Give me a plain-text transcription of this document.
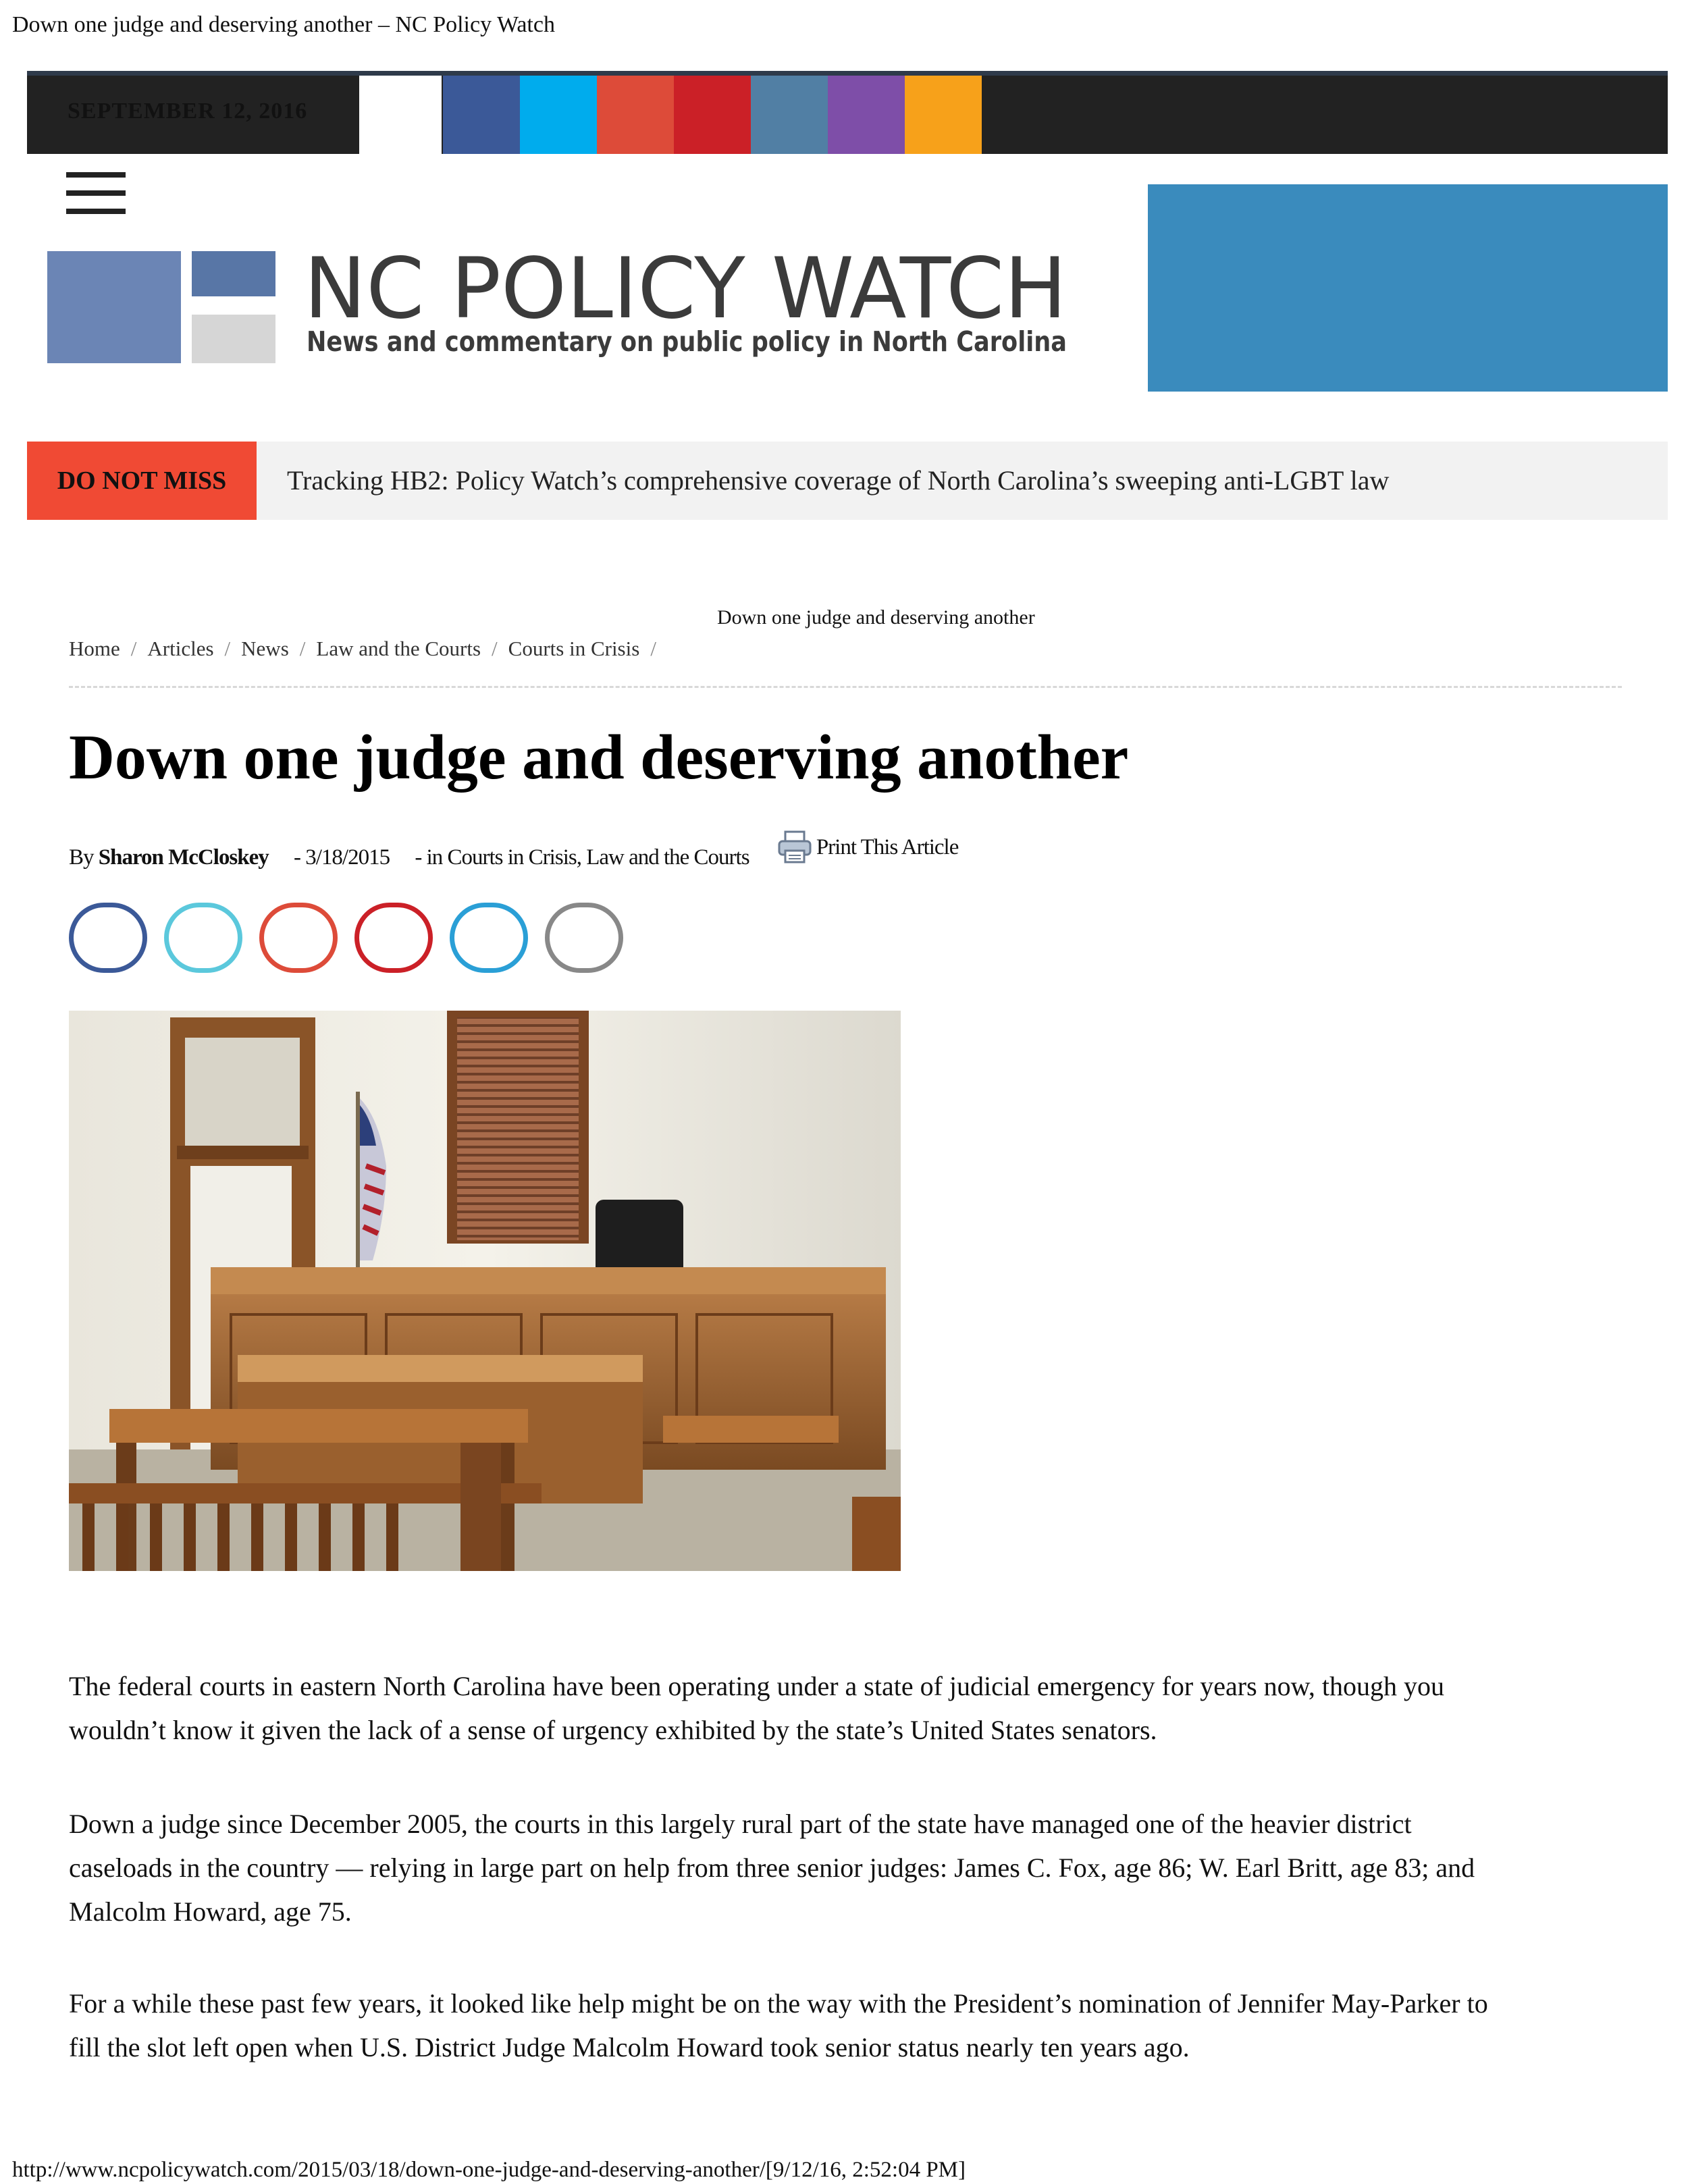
Down one judge and deserving another – NC Policy Watch
SEPTEMBER 12, 2016
NC POLICY WATCH
News and commentary on public policy in North Carolina
DO NOT MISS	Tracking HB2: Policy Watch’s comprehensive coverage of North Carolina’s sweeping anti-LGBT law
Down one judge and deserving another
Home / Articles / News / Law and the Courts / Courts in Crisis /
Down one judge and deserving another
By Sharon McCloskey - 3/18/2015 - in Courts in Crisis, Law and the Courts	Print This Article
The federal courts in eastern North Carolina have been operating under a state of judicial emergency for years now, though you
wouldn’t know it given the lack of a sense of urgency exhibited by the state’s United States senators.
Down a judge since December 2005, the courts in this largely rural part of the state have managed one of the heavier district
caseloads in the country — relying in large part on help from three senior judges: James C. Fox, age 86; W. Earl Britt, age 83; and
Malcolm Howard, age 75.
For a while these past few years, it looked like help might be on the way with the President’s nomination of Jennifer May-Parker to
fill the slot left open when U.S. District Judge Malcolm Howard took senior status nearly ten years ago.
http://www.ncpolicywatch.com/2015/03/18/down-one-judge-and-deserving-another/[9/12/16, 2:52:04 PM]
